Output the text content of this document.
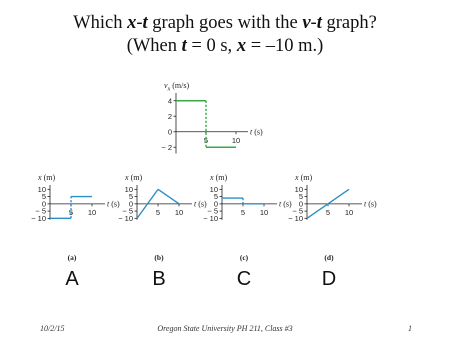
Which x-t graph goes with the v-t graph?
(When t = 0 s, x = –10 m.)
4
2
0
− 2
5	10
$v_x$ (m/s)
t (s)
10
5
0
− 5
− 10
5 10
x (m)
t (s)
(a)
A
10
5
0
− 5
− 10
5 10
x (m)
t (s)
(b)
B
10
5
0
− 5
− 10
5 10
x (m)
t (s)
(c)
C
10
5
0
− 5
− 10
5 10
x (m)
t (s)
(d)
D
10/2/15	Oregon State University PH 211, Class #3	1
